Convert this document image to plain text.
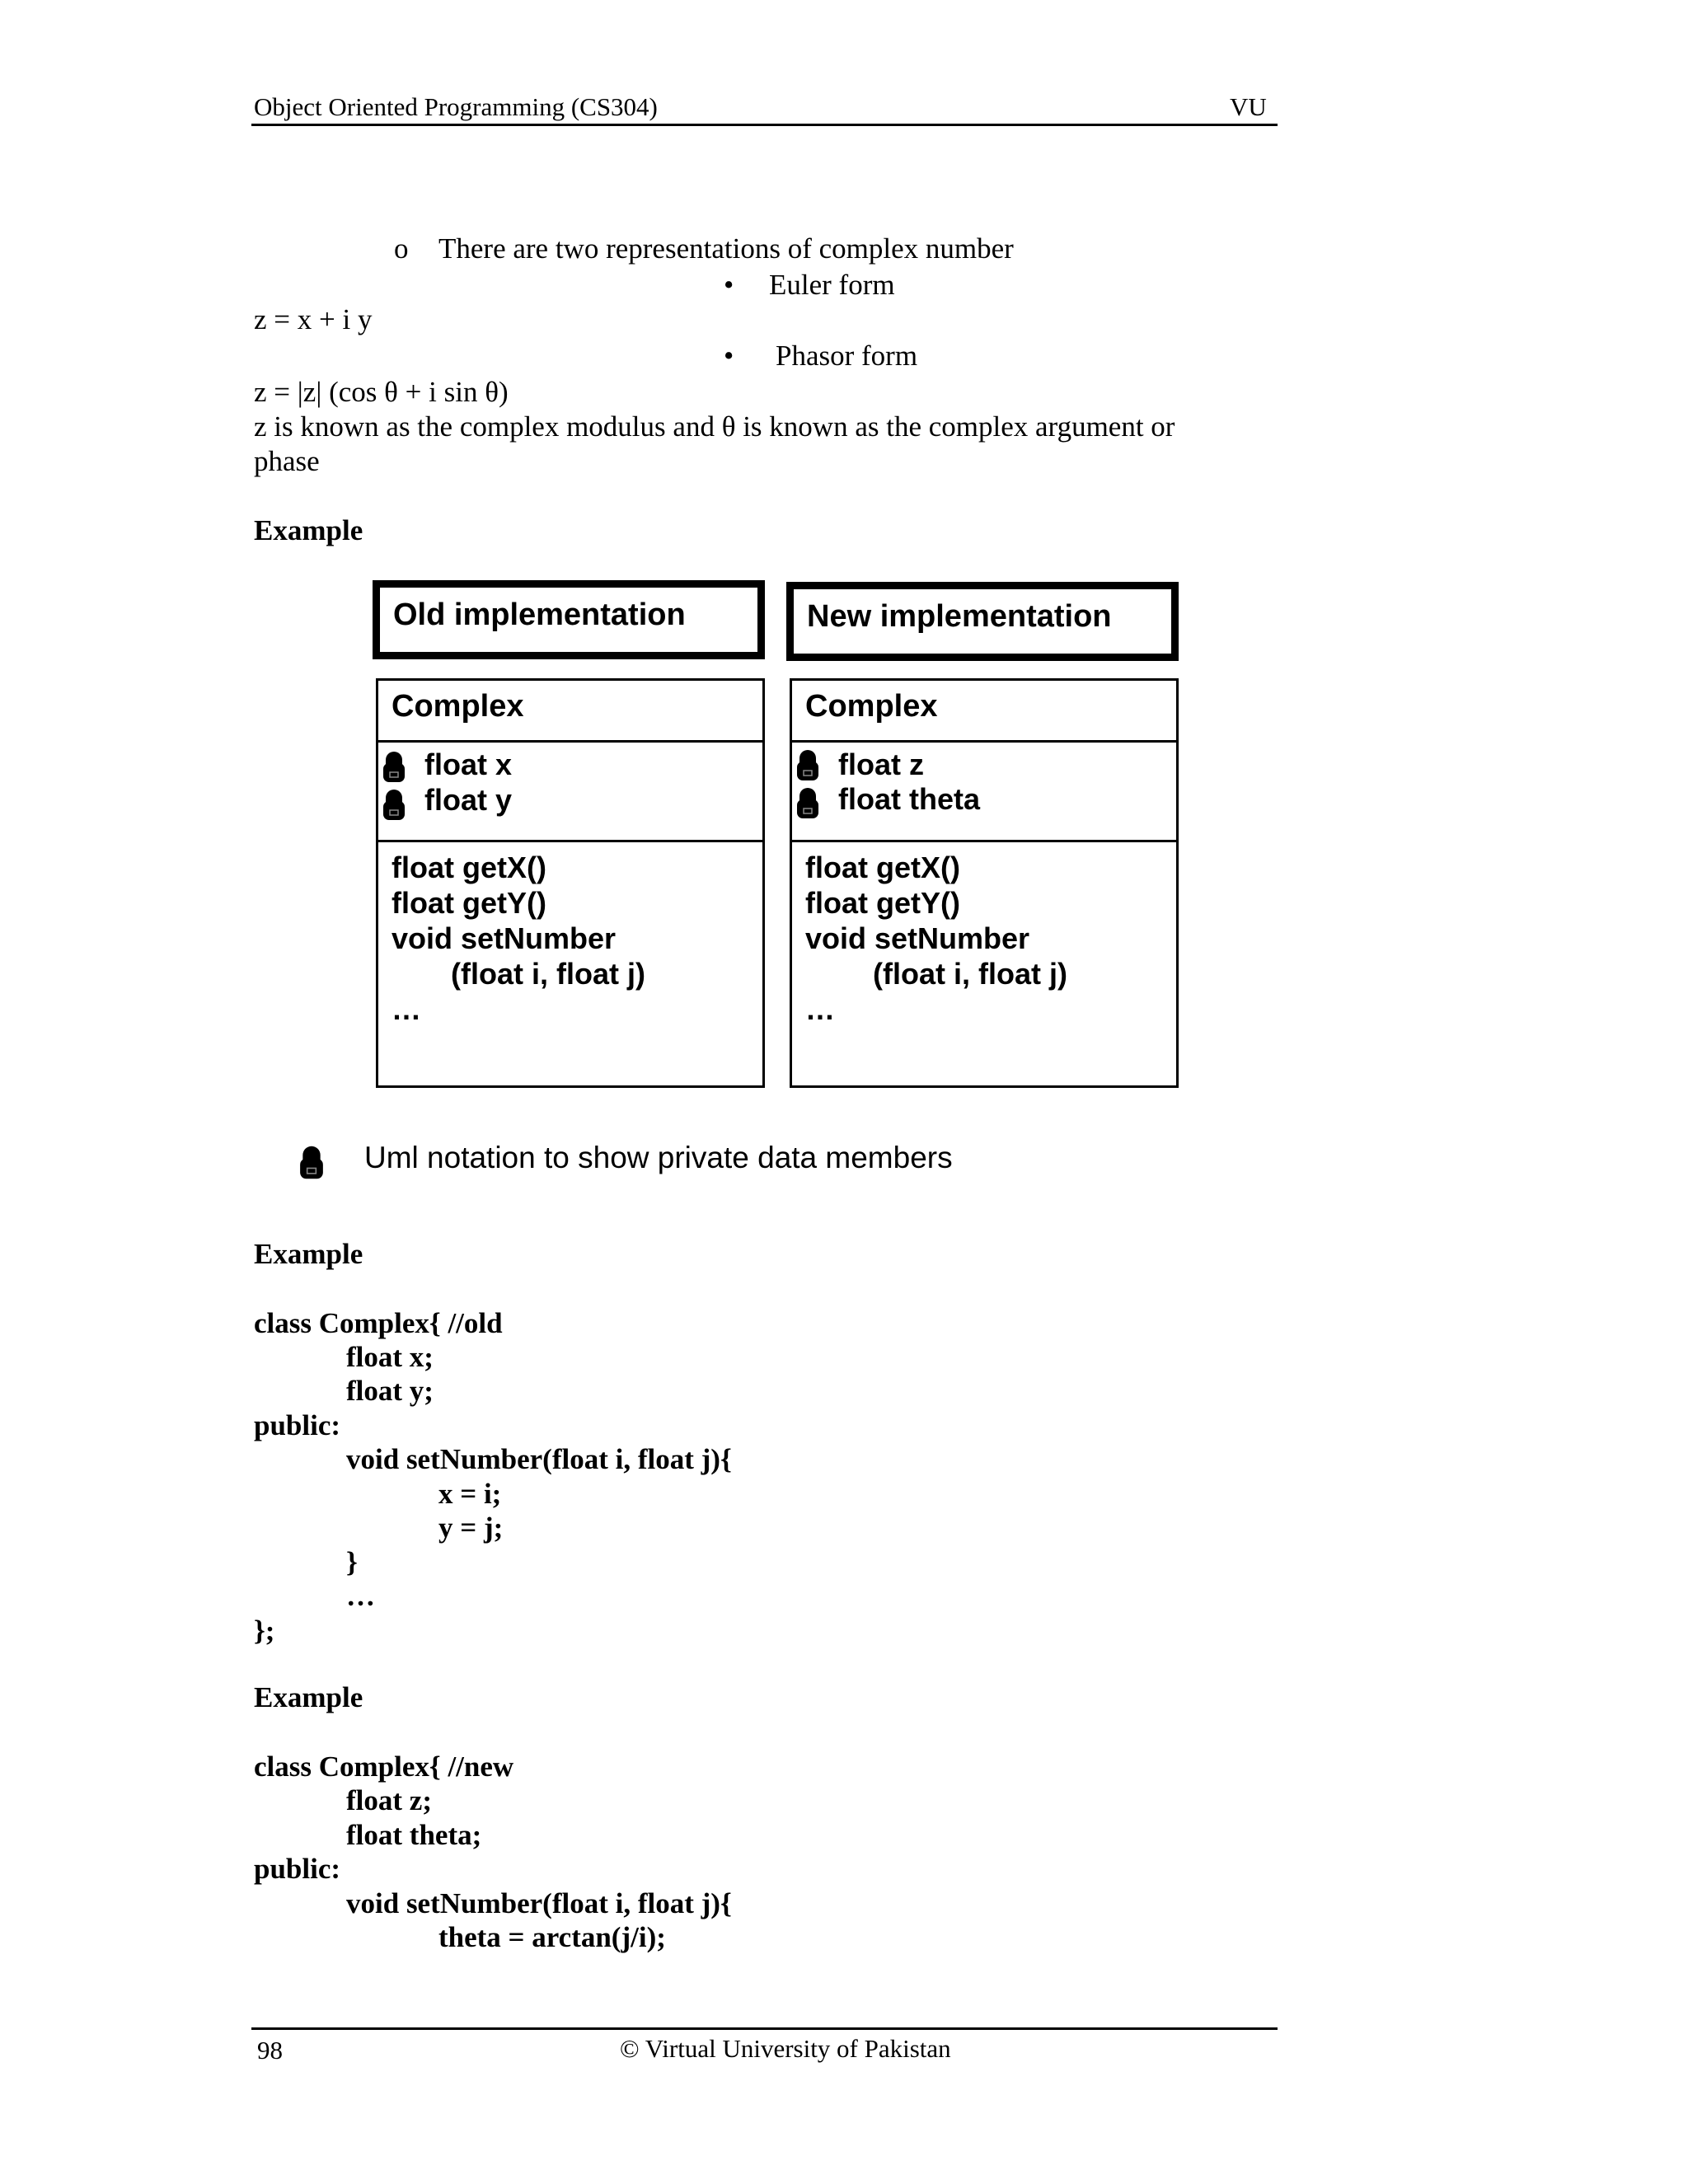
Object Oriented Programming (CS304)	VU
o There are two representations of complex number
• Euler form
z = x + i y
• Phasor form
z = |z| (cos θ + i sin θ)
z is known as the complex modulus and θ is known as the complex argument or
phase
Example
Old implementation
Complex
float x
float y
float getX()
float getY()
void setNumber
(float i, float j)
…
New implementation
Complex
float z
float theta
float getX()
float getY()
void setNumber
(float i, float j)
…
Uml notation to show private data members
Example
class Complex{ //old
float x;
float y;
public:
void setNumber(float i, float j){
x = i;
y = j;
}
…
};
Example
class Complex{ //new
float z;
float theta;
public:
void setNumber(float i, float j){
theta = arctan(j/i);
98	© Virtual University of Pakistan
